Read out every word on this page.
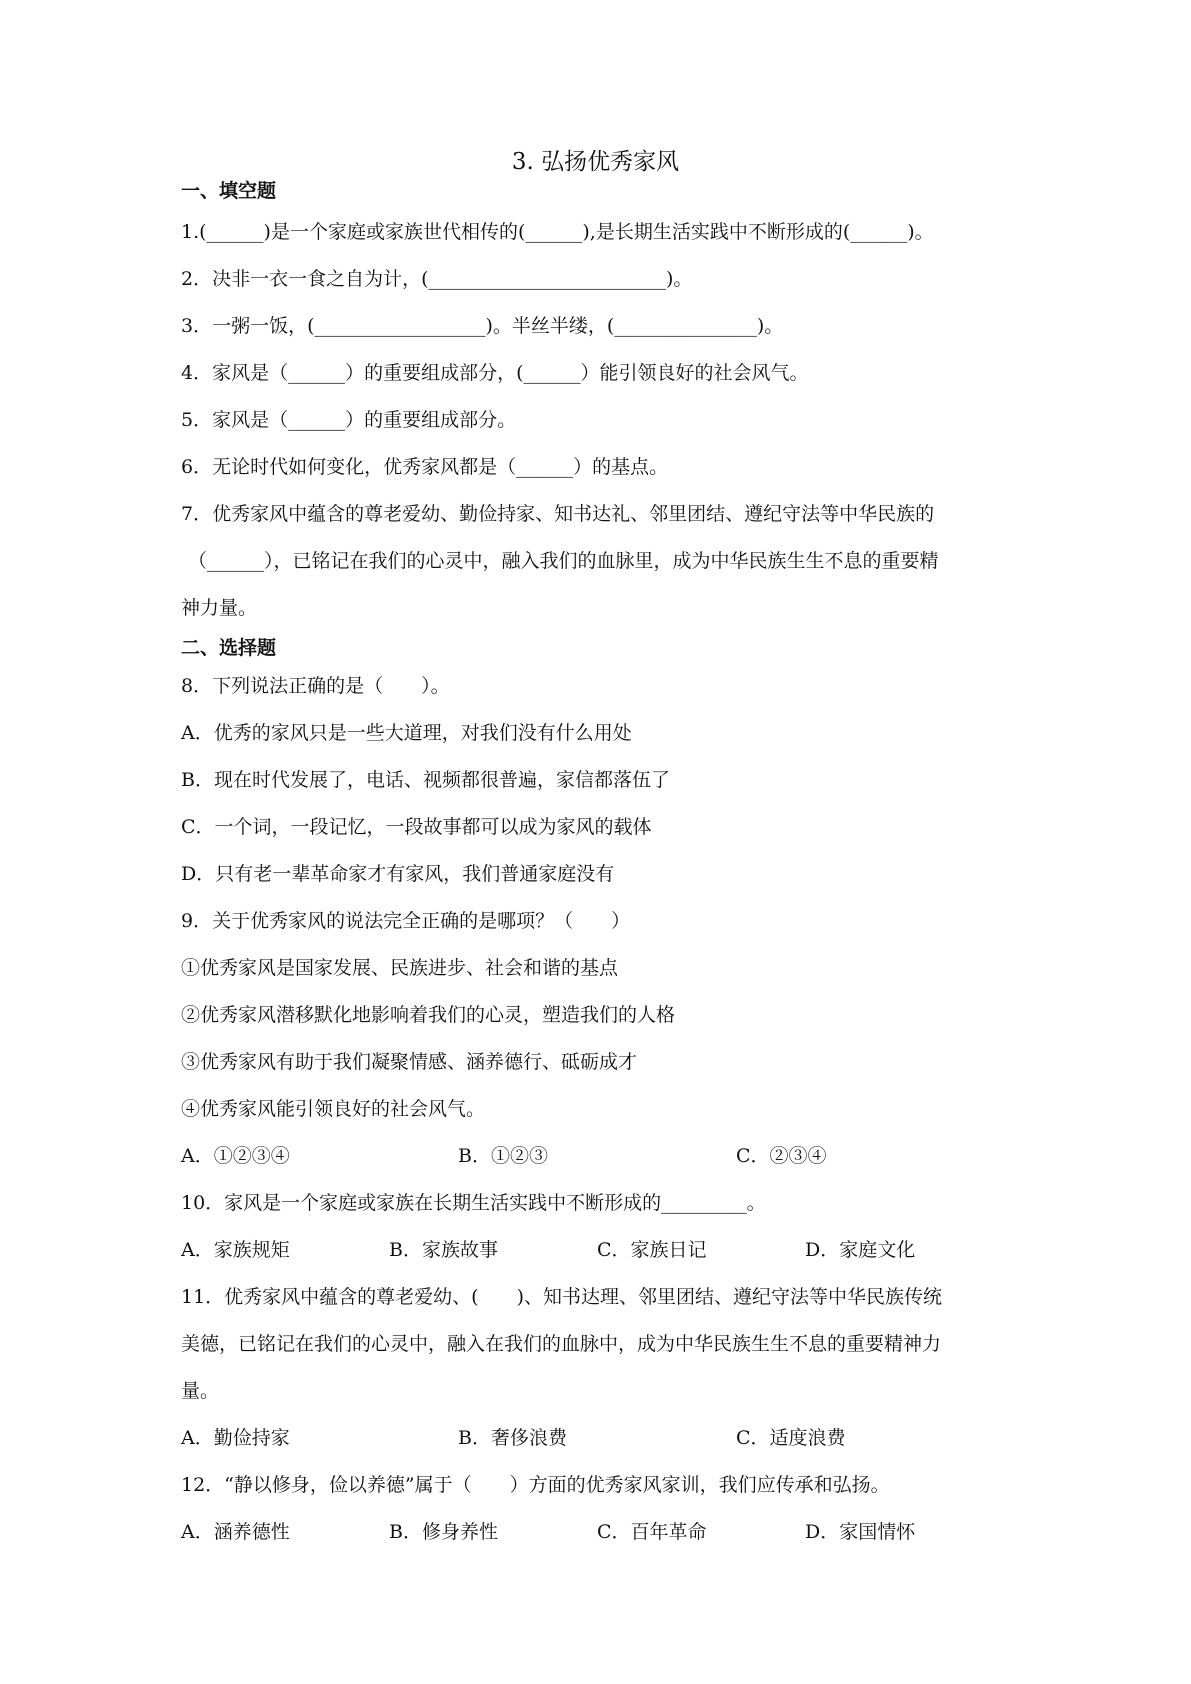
3. 弘扬优秀家风
一、填空题
1.(______)是一个家庭或家族世代相传的(______),是长期生活实践中不断形成的(______)。
2．决非一衣一食之自为计，(_________________________)。
3．一粥一饭，(__________________)。半丝半缕，(_______________)。
4．家风是（______）的重要组成部分，(______）能引领良好的社会风气。
5．家风是（______）的重要组成部分。
6．无论时代如何变化，优秀家风都是（______）的基点。
7．优秀家风中蕴含的尊老爱幼、勤俭持家、知书达礼、邻里团结、遵纪守法等中华民族的
（______），已铭记在我们的心灵中，融入我们的血脉里，成为中华民族生生不息的重要精
神力量。
二、选择题
8．下列说法正确的是（　　）。
A．优秀的家风只是一些大道理，对我们没有什么用处
B．现在时代发展了，电话、视频都很普遍，家信都落伍了
C．一个词，一段记忆，一段故事都可以成为家风的载体
D．只有老一辈革命家才有家风，我们普通家庭没有
9．关于优秀家风的说法完全正确的是哪项？（　　）
①优秀家风是国家发展、民族进步、社会和谐的基点
②优秀家风潜移默化地影响着我们的心灵，塑造我们的人格
③优秀家风有助于我们凝聚情感、涵养德行、砥砺成才
④优秀家风能引领良好的社会风气。
A．①②③④	B．①②③	C．②③④
10．家风是一个家庭或家族在长期生活实践中不断形成的_________。
A．家族规矩	B．家族故事	C．家族日记	D．家庭文化
11．优秀家风中蕴含的尊老爱幼、(　　)、知书达理、邻里团结、遵纪守法等中华民族传统
美德，已铭记在我们的心灵中，融入在我们的血脉中，成为中华民族生生不息的重要精神力
量。
A．勤俭持家	B．奢侈浪费	C．适度浪费
12．“静以修身，俭以养德”属于（　　）方面的优秀家风家训，我们应传承和弘扬。
A．涵养德性	B．修身养性	C．百年革命	D．家国情怀
